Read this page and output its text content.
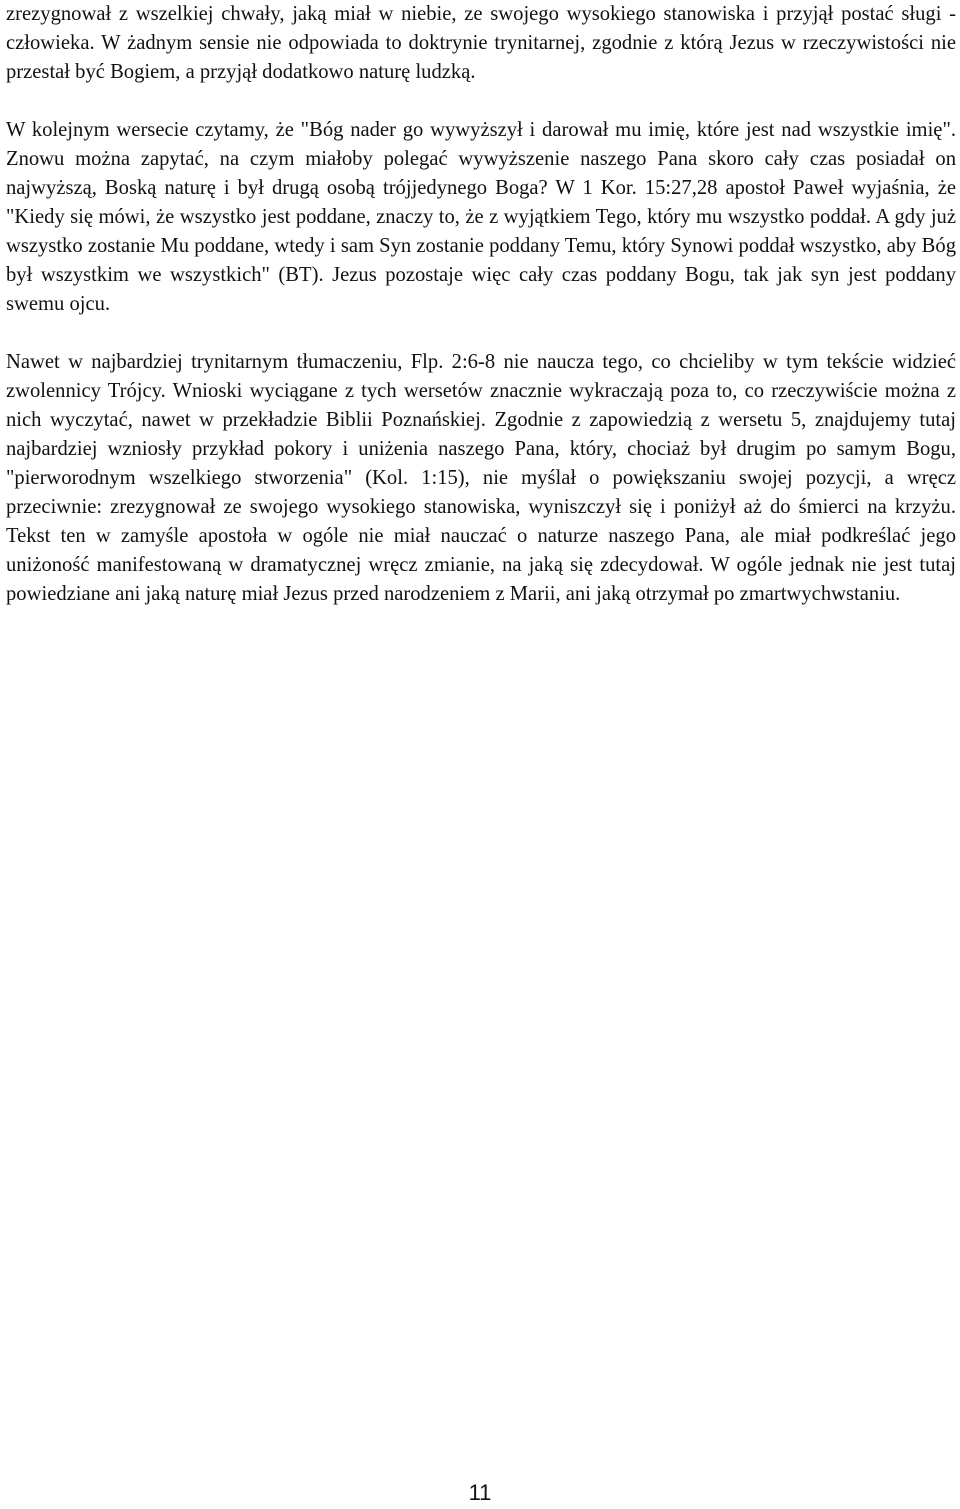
zrezygnował z wszelkiej chwały, jaką miał w niebie, ze swojego wysokiego stanowiska i przyjął postać sługi - człowieka. W żadnym sensie nie odpowiada to doktrynie trynitarnej, zgodnie z którą Jezus w rzeczywistości nie przestał być Bogiem, a przyjął dodatkowo naturę ludzką.

W kolejnym wersecie czytamy, że "Bóg nader go wywyższył i darował mu imię, które jest nad wszystkie imię". Znowu można zapytać, na czym miałoby polegać wywyższenie naszego Pana skoro cały czas posiadał on najwyższą, Boską naturę i był drugą osobą trójjedynego Boga? W 1 Kor. 15:27,28 apostoł Paweł wyjaśnia, że "Kiedy się mówi, że wszystko jest poddane, znaczy to, że z wyjątkiem Tego, który mu wszystko poddał. A gdy już wszystko zostanie Mu poddane, wtedy i sam Syn zostanie poddany Temu, który Synowi poddał wszystko, aby Bóg był wszystkim we wszystkich" (BT). Jezus pozostaje więc cały czas poddany Bogu, tak jak syn jest poddany swemu ojcu.

Nawet w najbardziej trynitarnym tłumaczeniu, Flp. 2:6-8 nie naucza tego, co chcieliby w tym tekście widzieć zwolennicy Trójcy. Wnioski wyciągane z tych wersetów znacznie wykraczają poza to, co rzeczywiście można z nich wyczytać, nawet w przekładzie Biblii Poznańskiej. Zgodnie z zapowiedzią z wersetu 5, znajdujemy tutaj najbardziej wzniosły przykład pokory i uniżenia naszego Pana, który, chociaż był drugim po samym Bogu, "pierworodnym wszelkiego stworzenia" (Kol. 1:15), nie myślał o powiększaniu swojej pozycji, a wręcz przeciwnie: zrezygnował ze swojego wysokiego stanowiska, wyniszczył się i poniżył aż do śmierci na krzyżu. Tekst ten w zamyśle apostoła w ogóle nie miał nauczać o naturze naszego Pana, ale miał podkreślać jego uniżoność manifestowaną w dramatycznej wręcz zmianie, na jaką się zdecydował. W ogóle jednak nie jest tutaj powiedziane ani jaką naturę miał Jezus przed narodzeniem z Marii, ani jaką otrzymał po zmartwychwstaniu.

11
